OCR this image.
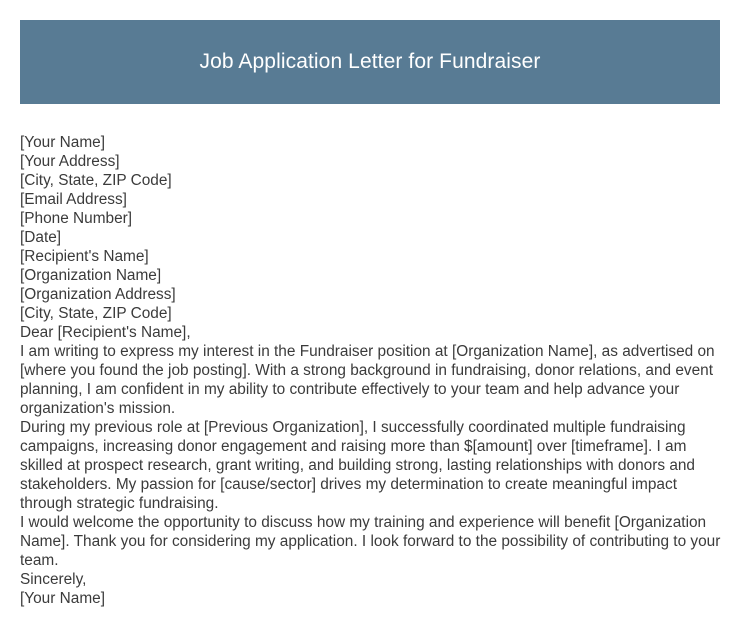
Job Application Letter for Fundraiser
[Your Name]
[Your Address]
[City, State, ZIP Code]
[Email Address]
[Phone Number]
[Date]
[Recipient's Name]
[Organization Name]
[Organization Address]
[City, State, ZIP Code]
Dear [Recipient's Name],
I am writing to express my interest in the Fundraiser position at [Organization Name], as advertised on [where you found the job posting]. With a strong background in fundraising, donor relations, and event planning, I am confident in my ability to contribute effectively to your team and help advance your organization's mission.
During my previous role at [Previous Organization], I successfully coordinated multiple fundraising campaigns, increasing donor engagement and raising more than $[amount] over [timeframe]. I am skilled at prospect research, grant writing, and building strong, lasting relationships with donors and stakeholders. My passion for [cause/sector] drives my determination to create meaningful impact through strategic fundraising.
I would welcome the opportunity to discuss how my training and experience will benefit [Organization Name]. Thank you for considering my application. I look forward to the possibility of contributing to your team.
Sincerely,
[Your Name]
